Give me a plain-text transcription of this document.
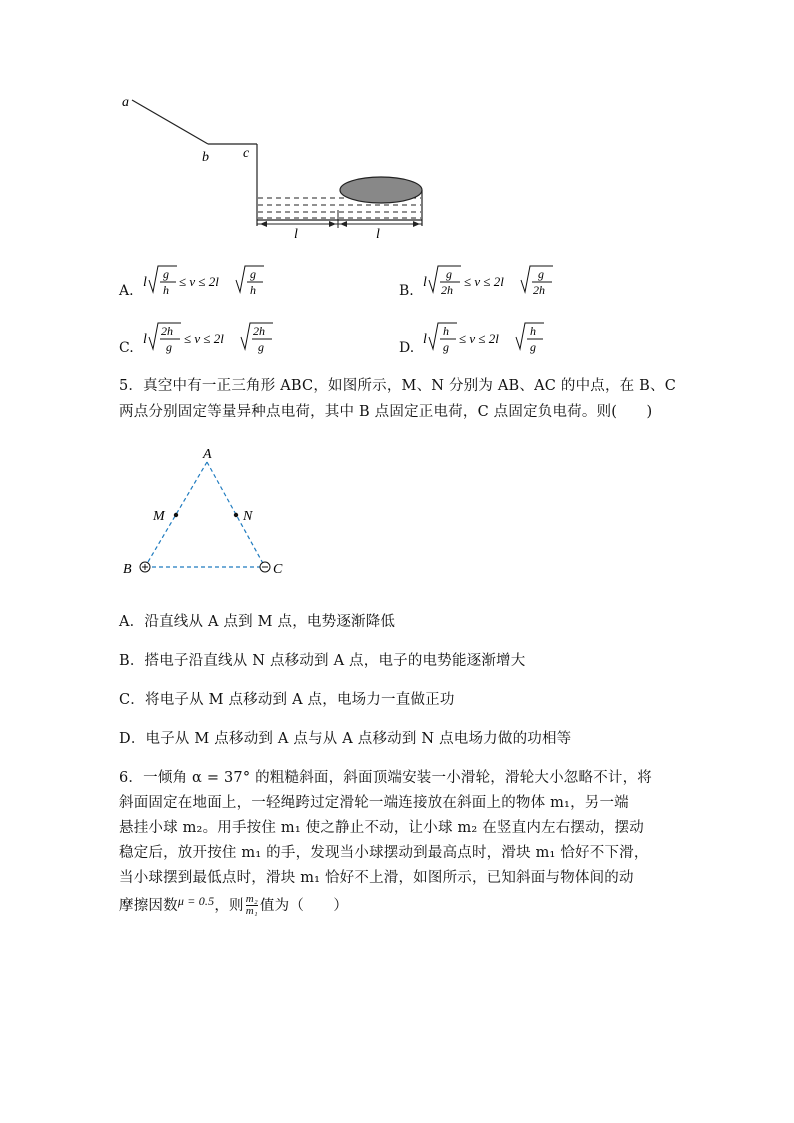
a
b c
l	l
A.
l
g
h
≤ v ≤ 2l	g
h	B.
l
g
2h
≤ v ≤ 2l	g
2h
C.
l
2h
g
≤ v ≤ 2l 2h
g	D.
l
h
g
≤ v ≤ 2l	h
g
5．真空中有一正三角形 ABC，如图所示，M、N 分别为 AB、AC 的中点，在 B、C
两点分别固定等量异种点电荷，其中 B 点固定正电荷，C 点固定负电荷。则(　　)
A
B	C
M	N
A．沿直线从 A 点到 M 点，电势逐渐降低
B．搭电子沿直线从 N 点移动到 A 点，电子的电势能逐渐增大
C．将电子从 M 点移动到 A 点，电场力一直做正功
D．电子从 M 点移动到 A 点与从 A 点移动到 N 点电场力做的功相等
6．一倾角 α = 37° 的粗糙斜面，斜面顶端安装一小滑轮，滑轮大小忽略不计，将
斜面固定在地面上，一轻绳跨过定滑轮一端连接放在斜面上的物体 m₁，另一端
悬挂小球 m₂。用手按住 m₁ 使之静止不动，让小球 m₂ 在竖直内左右摆动，摆动
稳定后，放开按住 m₁ 的手，发现当小球摆动到最高点时，滑块 m₁ 恰好不下滑，
当小球摆到最低点时，滑块 m₁ 恰好不上滑，如图所示，已知斜面与物体间的动
摩擦因数$^{\mu = 0.5}$，则 $\frac{\text{m₂}}{\text{m₁}}$ 值为（　　）
